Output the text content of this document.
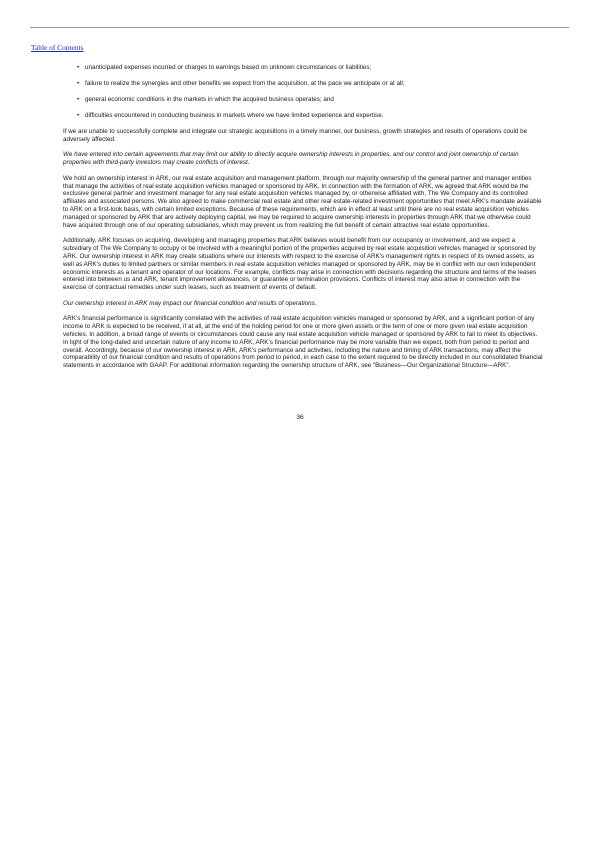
Table of Contents
• unanticipated expenses incurred or charges to earnings based on unknown circumstances or liabilities;
• failure to realize the synergies and other benefits we expect from the acquisition, at the pace we anticipate or at all;
• general economic conditions in the markets in which the acquired business operates; and
• difficulties encountered in conducting business in markets where we have limited experience and expertise.

If we are unable to successfully complete and integrate our strategic acquisitions in a timely manner, our business, growth strategies and results of operations could be adversely affected.

We have entered into certain agreements that may limit our ability to directly acquire ownership interests in properties, and our control and joint ownership of certain properties with third-party investors may create conflicts of interest.

We hold an ownership interest in ARK, our real estate acquisition and management platform, through our majority ownership of the general partner and manager entities that manage the activities of real estate acquisition vehicles managed or sponsored by ARK. In connection with the formation of ARK, we agreed that ARK would be the exclusive general partner and investment manager for any real estate acquisition vehicles managed by, or otherwise affiliated with, The We Company and its controlled affiliates and associated persons. We also agreed to make commercial real estate and other real estate-related investment opportunities that meet ARK’s mandate available to ARK on a first-look basis, with certain limited exceptions. Because of these requirements, which are in effect at least until there are no real estate acquisition vehicles managed or sponsored by ARK that are actively deploying capital, we may be required to acquire ownership interests in properties through ARK that we otherwise could have acquired through one of our operating subsidiaries, which may prevent us from realizing the full benefit of certain attractive real estate opportunities.

Additionally, ARK focuses on acquiring, developing and managing properties that ARK believes would benefit from our occupancy or involvement, and we expect a subsidiary of The We Company to occupy or be involved with a meaningful portion of the properties acquired by real estate acquisition vehicles managed or sponsored by ARK. Our ownership interest in ARK may create situations where our interests with respect to the exercise of ARK’s management rights in respect of its owned assets, as well as ARK’s duties to limited partners or similar members in real estate acquisition vehicles managed or sponsored by ARK, may be in conflict with our own independent economic interests as a tenant and operator of our locations. For example, conflicts may arise in connection with decisions regarding the structure and terms of the leases entered into between us and ARK, tenant improvement allowances, or guarantee or termination provisions. Conflicts of interest may also arise in connection with the exercise of contractual remedies under such leases, such as treatment of events of default.

Our ownership interest in ARK may impact our financial condition and results of operations.

ARK’s financial performance is significantly correlated with the activities of real estate acquisition vehicles managed or sponsored by ARK, and a significant portion of any income to ARK is expected to be received, if at all, at the end of the holding period for one or more given assets or the term of one or more given real estate acquisition vehicles. In addition, a broad range of events or circumstances could cause any real estate acquisition vehicle managed or sponsored by ARK to fail to meet its objectives. In light of the long-dated and uncertain nature of any income to ARK, ARK’s financial performance may be more variable than we expect, both from period to period and overall. Accordingly, because of our ownership interest in ARK, ARK’s performance and activities, including the nature and timing of ARK transactions, may affect the comparability of our financial condition and results of operations from period to period, in each case to the extent required to be directly included in our consolidated financial statements in accordance with GAAP. For additional information regarding the ownership structure of ARK, see “Business—Our Organizational Structure—ARK”.

36
